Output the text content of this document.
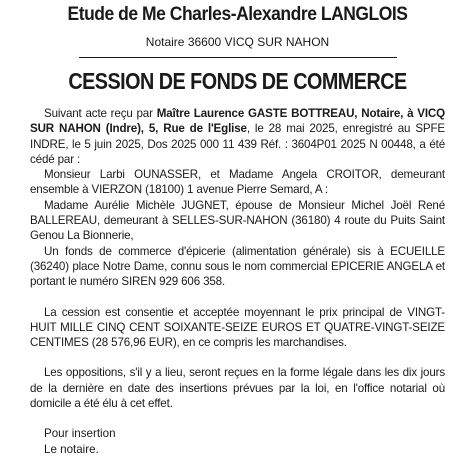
Etude de Me Charles-Alexandre LANGLOIS
Notaire 36600 VICQ SUR NAHON
CESSION DE FONDS DE COMMERCE

Suivant acte reçu par Maître Laurence GASTE BOTTREAU, Notaire, à VICQ SUR NAHON (Indre), 5, Rue de l'Eglise, le 28 mai 2025, enregistré au SPFE INDRE, le 5 juin 2025, Dos 2025 000 11 439 Réf. : 3604P01 2025 N 00448, a été cédé par :

Monsieur Larbi OUNASSER, et Madame Angela CROITOR, demeurant ensemble à VIERZON (18100) 1 avenue Pierre Semard, A :

Madame Aurélie Michèle JUGNET, épouse de Monsieur Michel Joël René BALLEREAU, demeurant à SELLES-SUR-NAHON (36180) 4 route du Puits Saint Genou La Bionnerie,

Un fonds de commerce d'épicerie (alimentation générale) sis à ECUEILLE (36240) place Notre Dame, connu sous le nom commercial EPICERIE ANGELA et portant le numéro SIREN 929 606 358.

La cession est consentie et acceptée moyennant le prix principal de VINGT-HUIT MILLE CINQ CENT SOIXANTE-SEIZE EUROS ET QUATRE-VINGT-SEIZE CENTIMES (28 576,96 EUR), en ce compris les marchandises.

Les oppositions, s'il y a lieu, seront reçues en la forme légale dans les dix jours de la dernière en date des insertions prévues par la loi, en l'office notarial où domicile a été élu à cet effet.

Pour insertion
Le notaire.
